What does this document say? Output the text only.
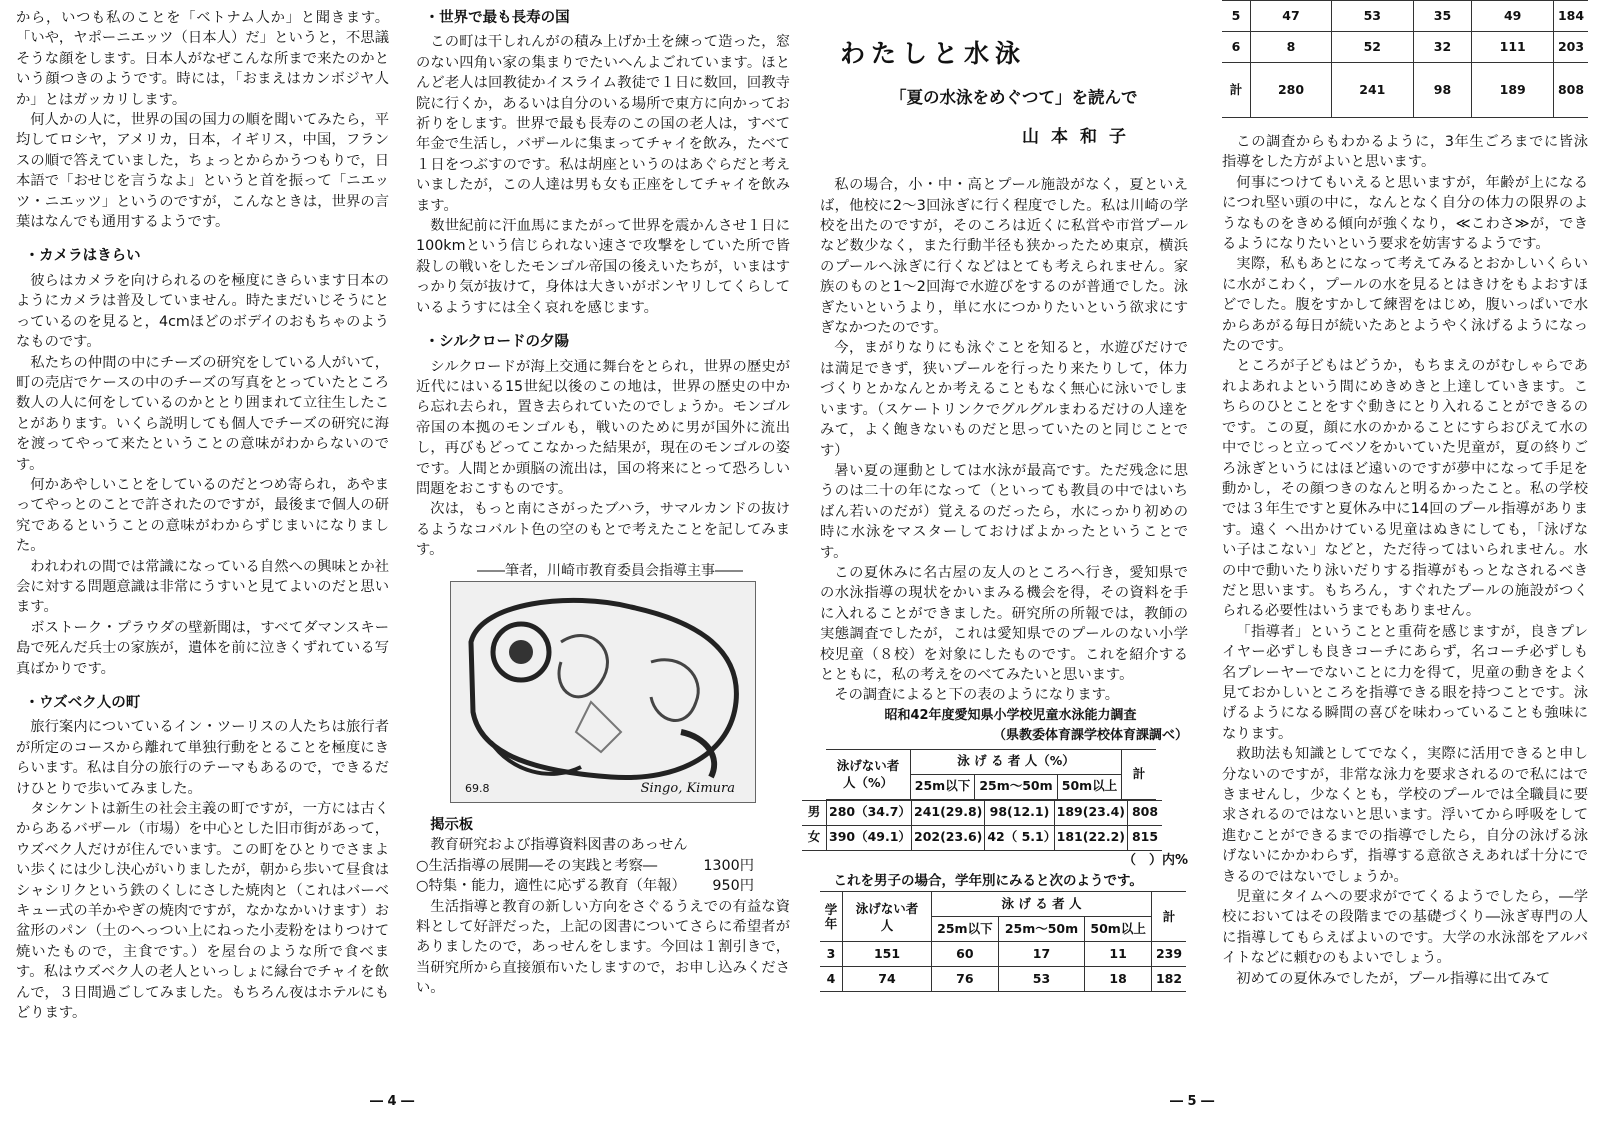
から，いつも私のことを「ベトナム人か」と聞きます。「いや，ヤポーニエッツ（日本人）だ」というと，不思議そうな顔をします。日本人がなぜこんな所まで来たのかという顔つきのようです。時には，「おまえはカンボジヤ人か」とはガッカリします。

何人かの人に，世界の国の国力の順を聞いてみたら，平均してロシヤ，アメリカ，日本，イギリス，中国，フランスの順で答えていました，ちょっとからかうつもりで，日本語で「おせじを言うなよ」というと首を振って「ニエッツ・ニエッツ」というのですが，こんなときは，世界の言葉はなんでも通用するようです。

・カメラはきらい

彼らはカメラを向けられるのを極度にきらいます日本のようにカメラは普及していません。時たまだいじそうにとっているのを見ると，4cmほどのボデイのおもちゃのようなものです。

私たちの仲間の中にチーズの研究をしている人がいて，町の売店でケースの中のチーズの写真をとっていたところ数人の人に何をしているのかととり囲まれて立往生したことがあります。いくら説明しても個人でチーズの研究に海を渡ってやって来たということの意味がわからないのです。

何かあやしいことをしているのだとつめ寄られ，あやまってやっとのことで許されたのですが，最後まで個人の研究であるということの意味がわからずじまいになりました。

われわれの間では常識になっている自然への興味とか社会に対する問題意識は非常にうすいと見てよいのだと思います。

ボストーク・プラウダの壁新聞は，すべてダマンスキー島で死んだ兵士の家族が，遺体を前に泣きくずれている写真ばかりです。

・ウズベク人の町

旅行案内についているイン・ツーリスの人たちは旅行者が所定のコースから離れて単独行動をとることを極度にきらいます。私は自分の旅行のテーマもあるので，できるだけひとりで歩いてみました。

タシケントは新生の社会主義の町ですが，一方には古くからあるバザール（市場）を中心とした旧市街があって，ウズベク人だけが住んでいます。この町をひとりでさまよい歩くには少し決心がいりましたが，朝から歩いて昼食はシャシリクという鉄のくしにさした焼肉と（これはバーベキュー式の羊かやぎの焼肉ですが，なかなかいけます）お盆形のパン（土のへっつい上にねった小麦粉をはりつけて焼いたもので，主食です。）を屋台のような所で食べます。私はウズベク人の老人といっしょに縁台でチャイを飲んで，３日間過ごしてみました。もちろん夜はホテルにもどります。

・世界で最も長寿の国

この町は干しれんがの積み上げか土を練って造った，窓のない四角い家の集まりでたいへんよごれています。ほとんど老人は回教徒かイスライム教徒で１日に数回，回教寺院に行くか，あるいは自分のいる場所で東方に向かってお祈りをします。世界で最も長寿のこの国の老人は，すべて年金で生活し，バザールに集まってチャイを飲み，たべて１日をつぶすのです。私は胡座というのはあぐらだと考えいましたが，この人達は男も女も正座をしてチャイを飲みます。

数世紀前に汗血馬にまたがって世界を震かんさせ１日に100kmという信じられない速さで攻撃をしていた所で皆殺しの戦いをしたモンゴル帝国の後えいたちが，いまはすっかり気が抜けて，身体は大きいがボンヤリしてくらしているようすには全く哀れを感じます。

・シルクロードの夕陽

シルクロードが海上交通に舞台をとられ，世界の歴史が近代にはいる15世紀以後のこの地は，世界の歴史の中から忘れ去られ，置き去られていたのでしょうか。モンゴル帝国の本拠のモンゴルも，戦いのために男が国外に流出し，再びもどってこなかった結果が，現在のモンゴルの姿です。人間とか頭脳の流出は，国の将来にとって恐ろしい問題をおこすものです。

次は，もっと南にさがったブハラ，サマルカンドの抜けるようなコバルト色の空のもとで考えたことを記してみます。

――筆者，川崎市教育委員会指導主事――

69.8	Singo, Kimura

掲示板

教育研究および指導資料図書のあっせん

○生活指導の展開―その実践と考察―	1300円
○特集・能力，適性に応ずる教育（年報） 950円

生活指導と教育の新しい方向をさぐるうえでの有益な資料として好評だった，上記の図書についてさらに希望者がありましたので，あっせんをします。今回は１割引きで，当研究所から直接頒布いたしますので，お申し込みください。

わたしと水泳
「夏の水泳をめぐつて」を読んで
山本和子

私の場合，小・中・高とプール施設がなく，夏といえば，他校に2～3回泳ぎに行く程度でした。私は川崎の学校を出たのですが，そのころは近くに私営や市営プールなど数少なく，また行動半径も狭かったため東京，横浜のプールへ泳ぎに行くなどはとても考えられません。家族のものと1～2回海で水遊びをするのが普通でした。泳ぎたいというより，単に水につかりたいという欲求にすぎなかつたのです。

今，まがりなりにも泳ぐことを知ると，水遊びだけでは満足できず，狭いプールを行ったり来たりして，体力づくりとかなんとか考えることもなく無心に泳いでしまいます。（スケートリンクでグルグルまわるだけの人達をみて，よく飽きないものだと思っていたのと同じことです）

暑い夏の運動としては水泳が最高です。ただ残念に思うのは二十の年になって（といっても教員の中ではいちばん若いのだが）覚えるのだったら，水にっかり初めの時に水泳をマスターしておけばよかったということです。

この夏休みに名古屋の友人のところへ行き，愛知県での水泳指導の現状をかいまみる機会を得，その資料を手に入れることができました。研究所の所報では，教師の実態調査でしたが，これは愛知県でのプールのない小学校児童（８校）を対象にしたものです。これを紹介するとともに，私の考えをのべてみたいと思います。

その調査によると下の表のようになります。

昭和42年度愛知県小学校児童水泳能力調査

（県教委体育課学校体育課調べ）

泳げない者
人（%）	泳 げ る 者 人（%）			計
	25m以下	25m～50m	50m以上	
男	280（34.7）	241(29.8)	98(12.1)	189(23.4)	808
女	390（49.1）	202(23.6)	42（ 5.1）	181(22.2)	815

（　）内%

これを男子の場合，学年別にみると次のようです。

学年	泳げない者
人	泳 げ る 者 人			計
		25m以下	25m～50m	50m以上	
3	151	60	17	11	239
4	74	76	53	18	182
5	47	53	35	49	184
6	8	52	32	111	203
計	280	241	98	189	808

この調査からもわかるように，3年生ごろまでに皆泳指導をした方がよいと思います。

何事につけてもいえると思いますが，年齢が上になるにつれ堅い頭の中に，なんとなく自分の体力の限界のようなものをきめる傾向が強くなり，≪こわさ≫が，できるようになりたいという要求を妨害するようです。

実際，私もあとになって考えてみるとおかしいくらいに水がこわく，プールの水を見るとはきけをもよおすほどでした。腹をすかして練習をはじめ，腹いっぱいで水からあがる毎日が続いたあとようやく泳げるようになったのです。

ところが子どもはどうか，もちまえのがむしゃらであれよあれよという間にめきめきと上達していきます。こちらのひとことをすぐ動きにとり入れることができるのです。この夏，顔に水のかかることにすらおびえて水の中でじっと立ってベソをかいていた児童が，夏の終りごろ泳ぎというにはほど遠いのですが夢中になって手足を動かし，その顔つきのなんと明るかったこと。私の学校では３年生ですと夏休み中に14回のプール指導があります。遠く へ出かけている児童はぬきにしても，「泳げない子はこない」などと，ただ待ってはいられません。水の中で動いたり泳いだりする指導がもっとなされるべきだと思います。もちろん，すぐれたプールの施設がつくられる必要性はいうまでもありません。

「指導者」ということと重荷を感じますが，良きプレイヤー必ずしも良きコーチにあらず，名コーチ必ずしも名プレーヤーでないことに力を得て，児童の動きをよく見ておかしいところを指導できる眼を持つことです。泳げるようになる瞬間の喜びを味わっていることも強味になります。

救助法も知識としてでなく，実際に活用できると申し分ないのですが，非常な泳力を要求されるので私にはできませんし，少なくとも，学校のプールでは全職員に要求されるのではないと思います。浮いてから呼吸をして進むことができるまでの指導でしたら，自分の泳げる泳げないにかかわらず，指導する意欲さえあれば十分にできるのではないでしょうか。

児童にタイムへの要求がでてくるようでしたら，―学校においてはその段階までの基礎づくり―泳ぎ専門の人に指導してもらえばよいのです。大学の水泳部をアルバイトなどに頼むのもよいでしょう。

初めての夏休みでしたが，プール指導に出てみて

― 4 ―	― 5 ―
